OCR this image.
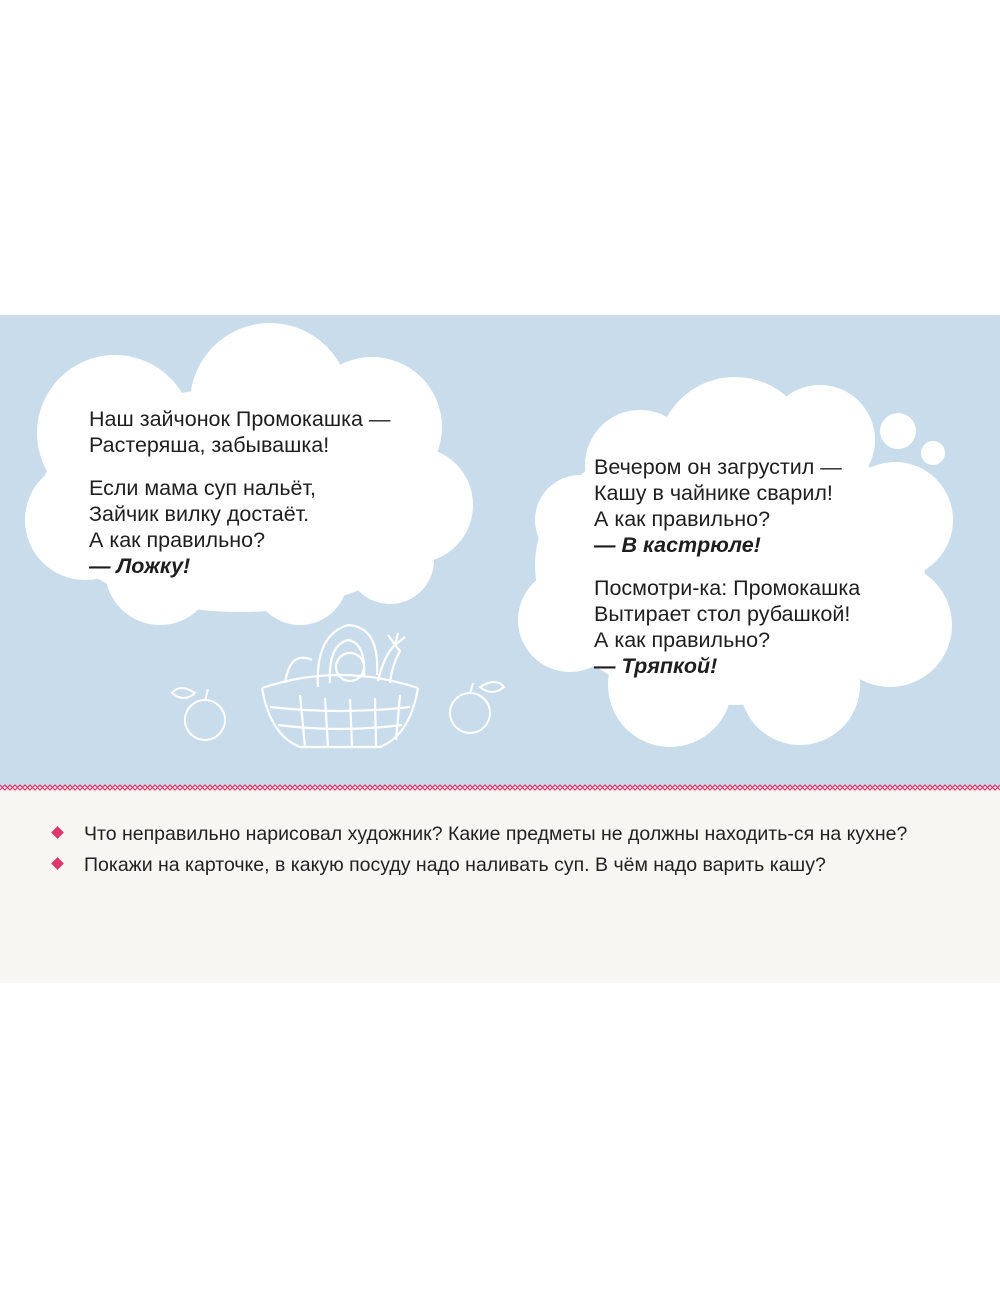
Наш зайчонок Промокашка —

Растеряша, забывашка!

Если мама суп нальёт,

Зайчик вилку достаёт.

А как правильно?

— Ложку!

Вечером он загрустил —

Кашу в чайнике сварил!

А как правильно?

— В кастрюле!

Посмотри-ка: Промокашка

Вытирает стол рубашкой!

А как правильно?

— Тряпкой!

Что неправильно нарисовал художник? Какие предметы не должны находить-ся на кухне?
Покажи на карточке, в какую посуду надо наливать суп. В чём надо варить кашу?
